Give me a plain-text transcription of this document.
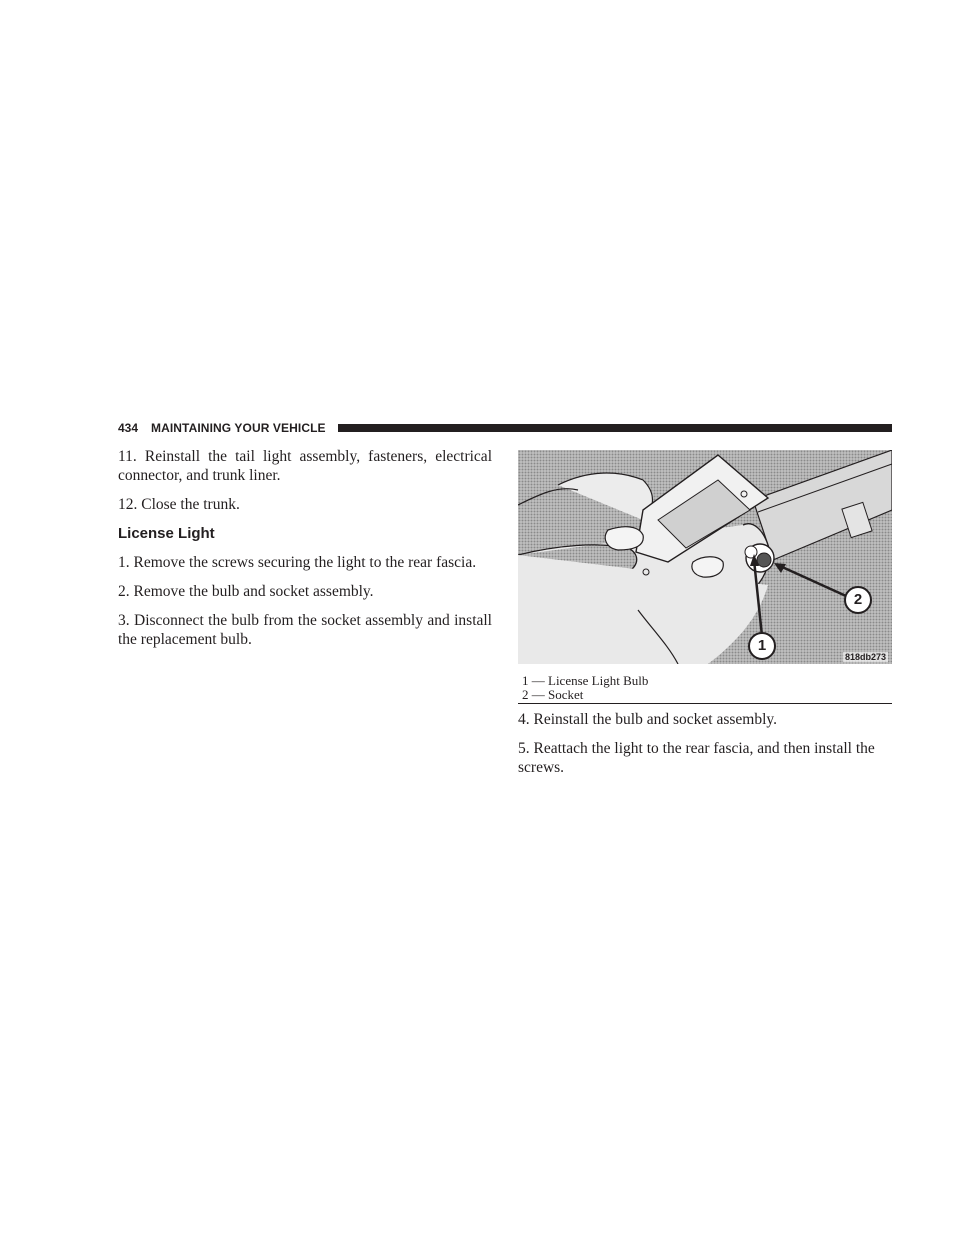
434 MAINTAINING YOUR VEHICLE

11. Reinstall the tail light assembly, fasteners, electrical connector, and trunk liner.

12. Close the trunk.

License Light

1. Remove the screws securing the light to the rear fascia.

2. Remove the bulb and socket assembly.

3. Disconnect the bulb from the socket assembly and install the replacement bulb.	1
2
818db273
1 — License Light Bulb
2 — Socket

4. Reinstall the bulb and socket assembly.

5. Reattach the light to the rear fascia, and then install the screws.
